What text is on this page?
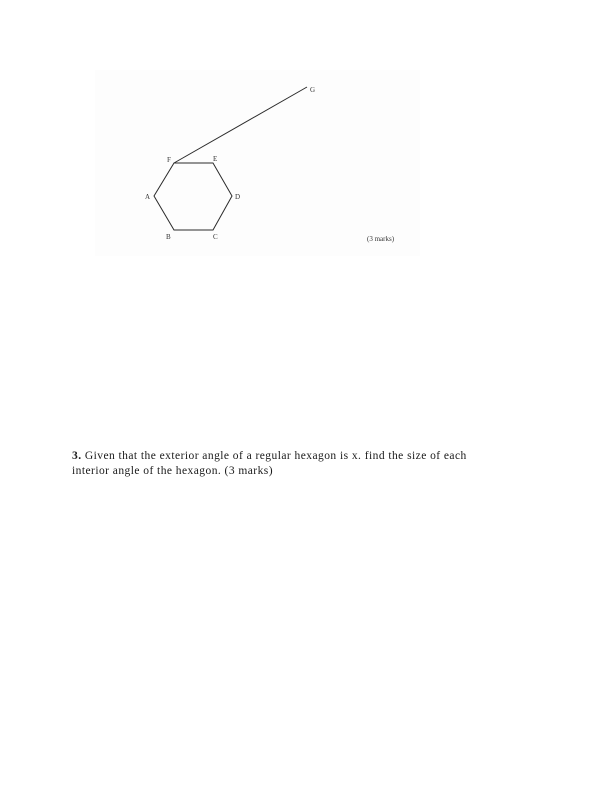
F	E
D
C
B
A
G
(3 marks)
3. Given that the exterior angle of a regular hexagon is x. find the size of each
interior angle of the hexagon. (3 marks)
